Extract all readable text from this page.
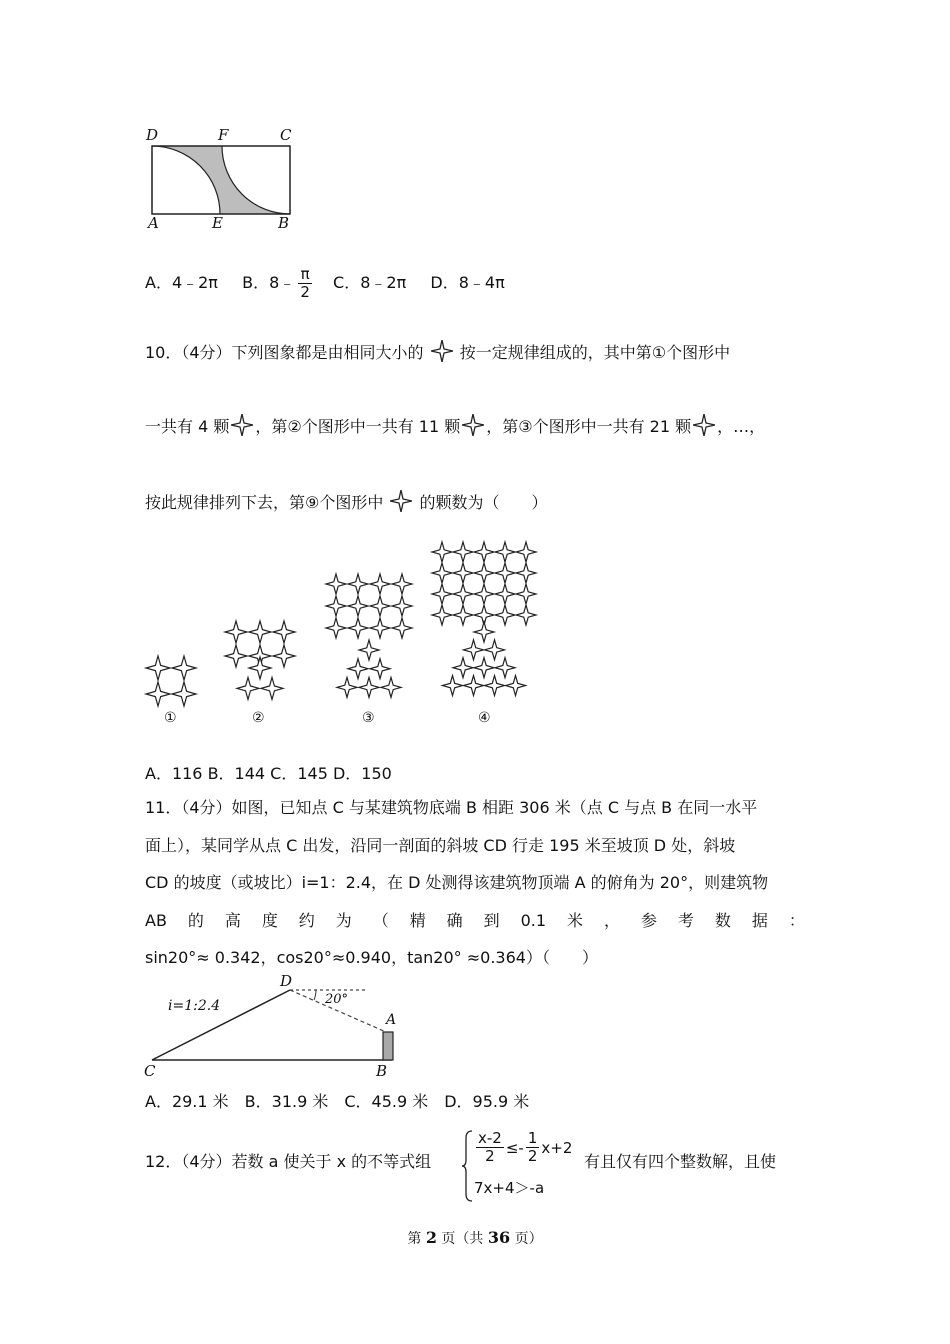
D	F	C
A	E	B
A．4﹣2π B．8﹣ $\frac{\pi}{2}$ C．8﹣2π D．8﹣4π
10．（4分）下列图象都是由相同大小的 按一定规律组成的，其中第①个图形中
一共有 4 颗 ，第②个图形中一共有 11 颗 ，第③个图形中一共有 21 颗 ，…，
按此规律排列下去，第⑨个图形中 的颗数为（　　）
①	②	③	④
A．116 B．144 C．145 D．150
11．（4分）如图，已知点 C 与某建筑物底端 B 相距 306 米（点 C 与点 B 在同一水平
面上），某同学从点 C 出发，沿同一剖面的斜坡 CD 行走 195 米至坡顶 D 处，斜坡
CD 的坡度（或坡比）i=1：2.4，在 D 处测得该建筑物顶端 A 的俯角为 20°，则建筑物
AB 的 高 度 约 为 （ 精 确 到 0.1 米 ， 参 考 数 据 ：
sin20°≈ 0.342，cos20°≈0.940，tan20° ≈0.364）（　　）
i=1:2.4	20°
D
A
C	B
A．29.1 米　B．31.9 米　C．45.9 米　D．95.9 米
12．（4分）若数 a 使关于 x 的不等式组	$\frac{x-2}{2} \le- \frac{1}{2} x+2$
7x+4＞-a
有且仅有四个整数解，且使
第 2 页（共 36 页）
